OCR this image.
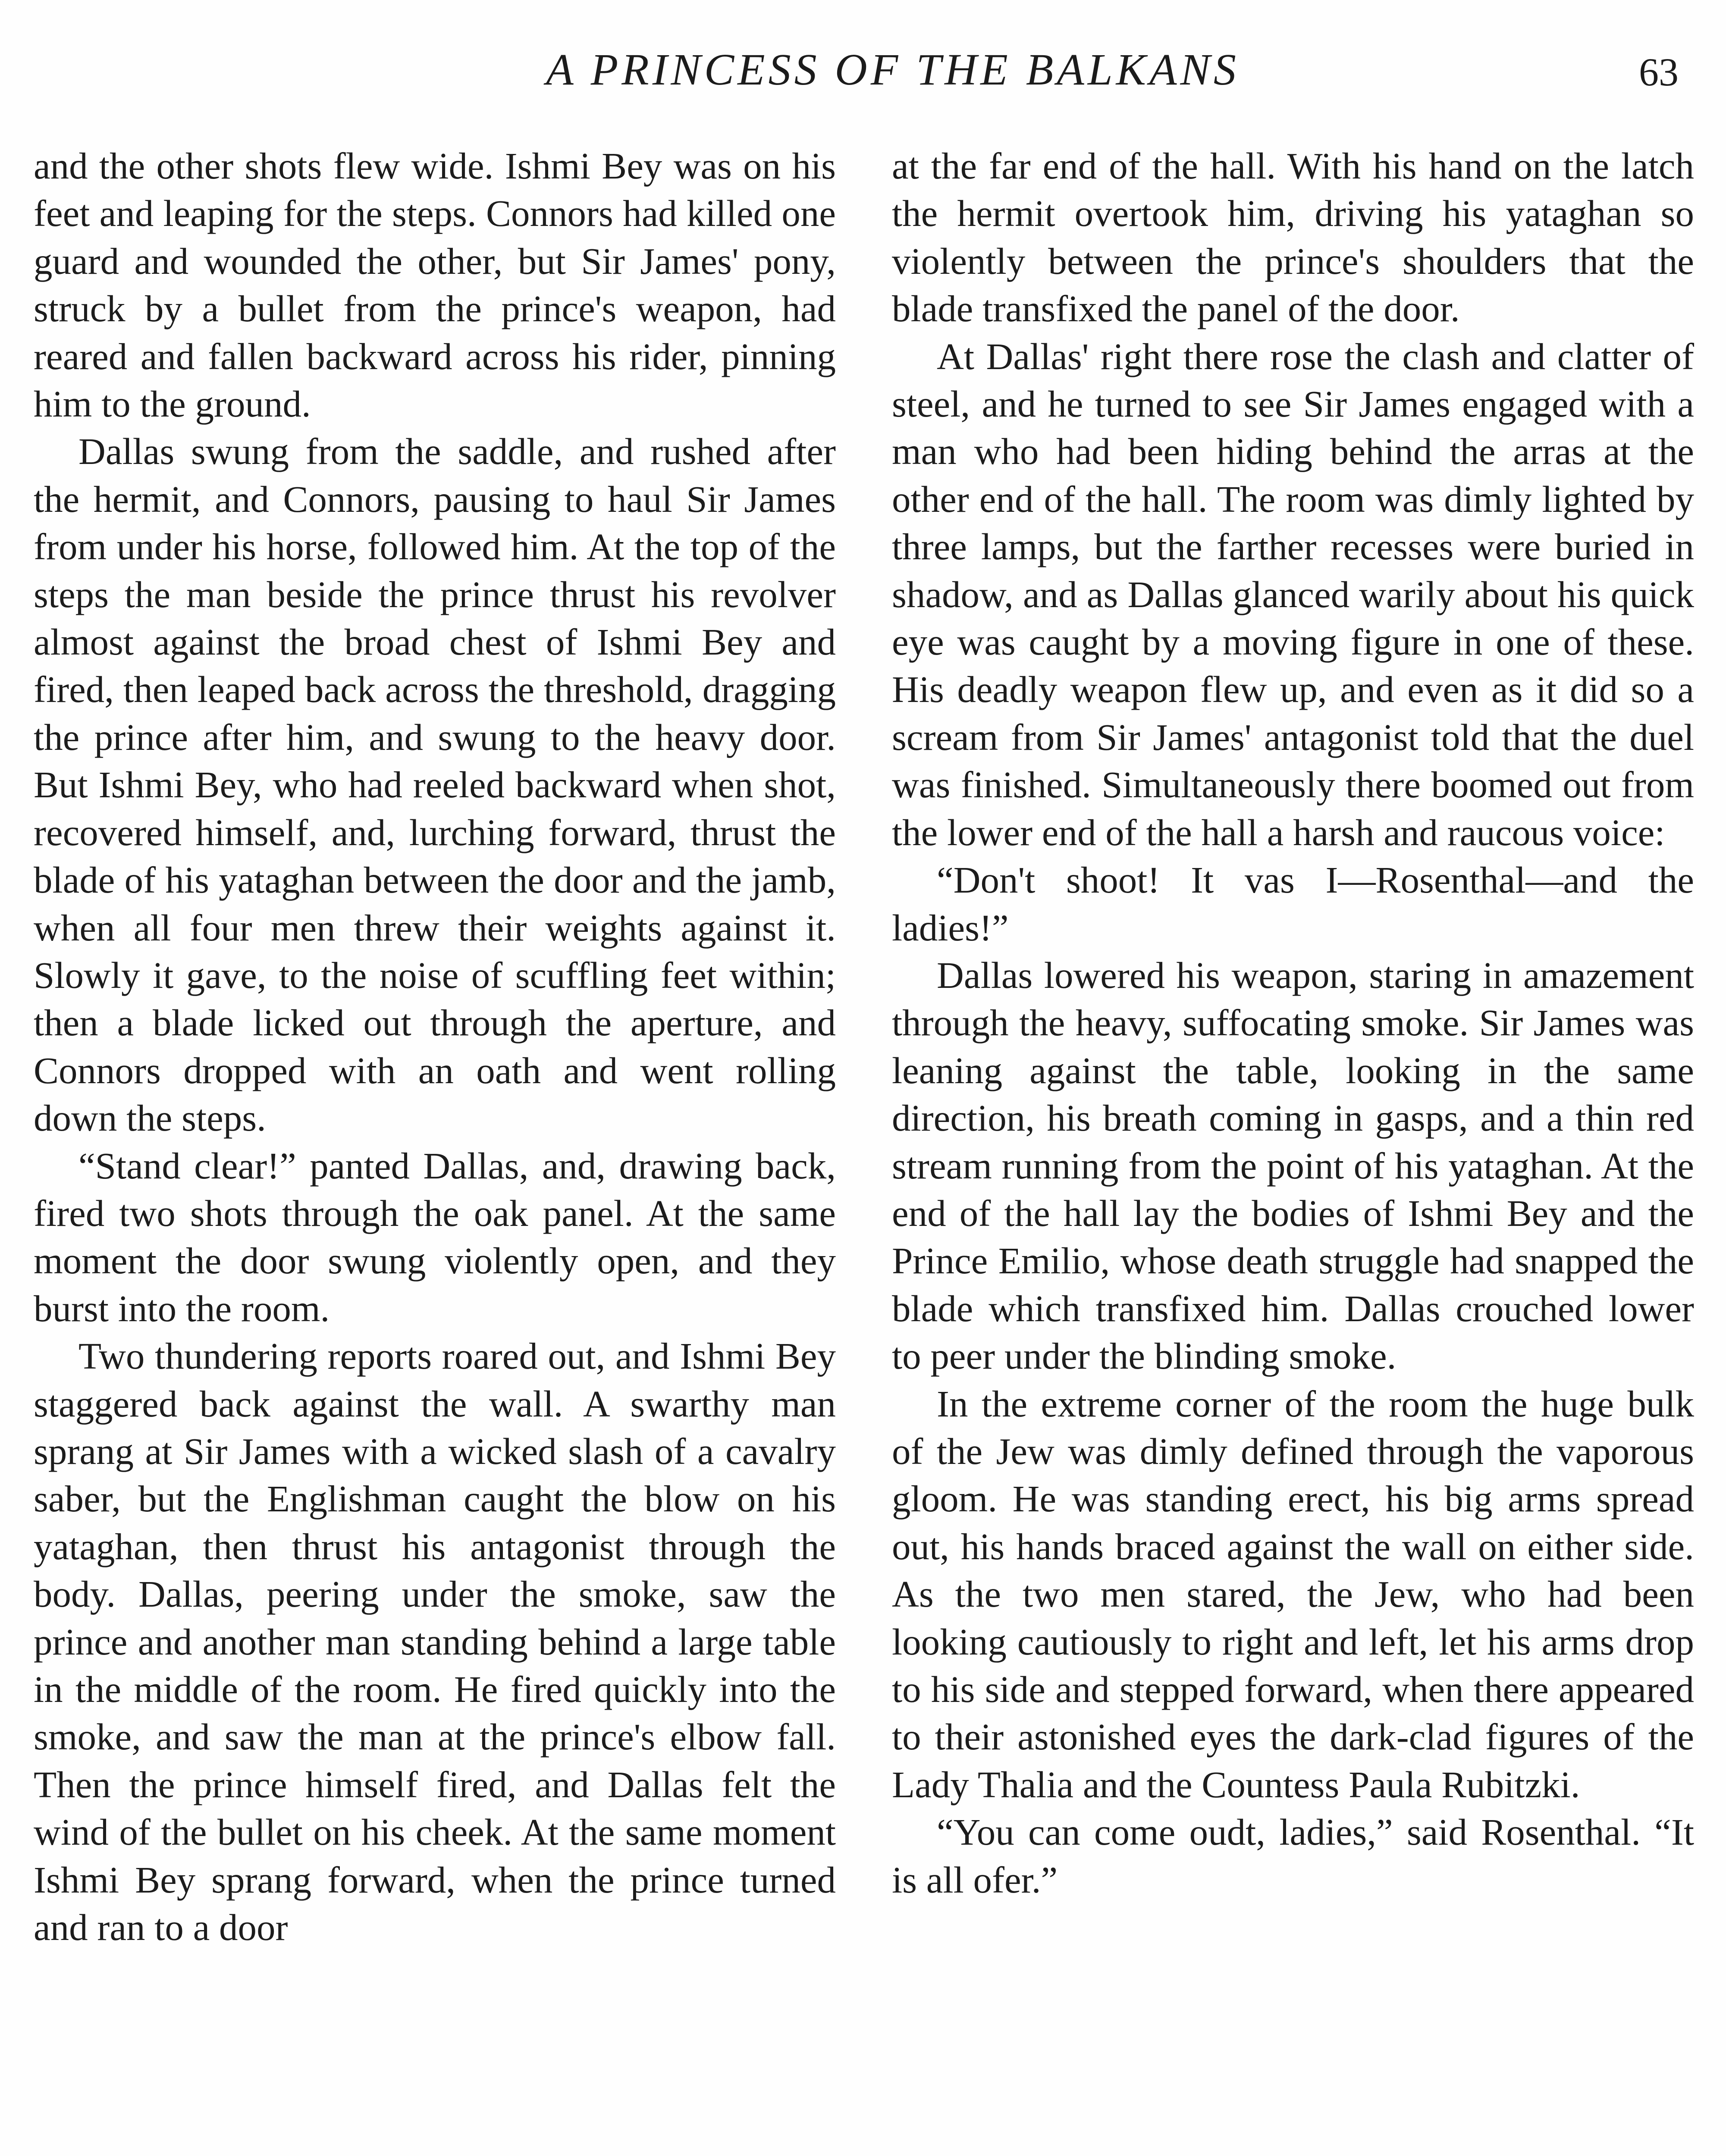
A PRINCESS OF THE BALKANS	63

and the other shots flew wide. Ishmi Bey was on his feet and leaping for the steps. Connors had killed one guard and wounded the other, but Sir James' pony, struck by a bullet from the prince's weapon, had reared and fallen backward across his rider, pinning him to the ground.

Dallas swung from the saddle, and rushed after the hermit, and Connors, pausing to haul Sir James from under his horse, followed him. At the top of the steps the man beside the prince thrust his revolver almost against the broad chest of Ishmi Bey and fired, then leaped back across the threshold, dragging the prince after him, and swung to the heavy door. But Ishmi Bey, who had reeled backward when shot, recovered himself, and, lurching forward, thrust the blade of his yataghan between the door and the jamb, when all four men threw their weights against it. Slowly it gave, to the noise of scuffling feet within; then a blade licked out through the aperture, and Connors dropped with an oath and went rolling down the steps.

“Stand clear!” panted Dallas, and, drawing back, fired two shots through the oak panel. At the same moment the door swung violently open, and they burst into the room.

Two thundering reports roared out, and Ishmi Bey staggered back against the wall. A swarthy man sprang at Sir James with a wicked slash of a cavalry saber, but the Englishman caught the blow on his yataghan, then thrust his antagonist through the body. Dallas, peering under the smoke, saw the prince and another man standing behind a large table in the middle of the room. He fired quickly into the smoke, and saw the man at the prince's elbow fall. Then the prince himself fired, and Dallas felt the wind of the bullet on his cheek. At the same moment Ishmi Bey sprang forward, when the prince turned and ran to a door

at the far end of the hall. With his hand on the latch the hermit overtook him, driving his yataghan so violently between the prince's shoulders that the blade transfixed the panel of the door.

At Dallas' right there rose the clash and clatter of steel, and he turned to see Sir James engaged with a man who had been hiding behind the arras at the other end of the hall. The room was dimly lighted by three lamps, but the farther recesses were buried in shadow, and as Dallas glanced warily about his quick eye was caught by a moving figure in one of these. His deadly weapon flew up, and even as it did so a scream from Sir James' antagonist told that the duel was finished. Simultaneously there boomed out from the lower end of the hall a harsh and raucous voice:

“Don't shoot! It vas I—Rosenthal—and the ladies!”

Dallas lowered his weapon, staring in amazement through the heavy, suffocating smoke. Sir James was leaning against the table, looking in the same direction, his breath coming in gasps, and a thin red stream running from the point of his yataghan. At the end of the hall lay the bodies of Ishmi Bey and the Prince Emilio, whose death struggle had snapped the blade which transfixed him. Dallas crouched lower to peer under the blinding smoke.

In the extreme corner of the room the huge bulk of the Jew was dimly defined through the vaporous gloom. He was standing erect, his big arms spread out, his hands braced against the wall on either side. As the two men stared, the Jew, who had been looking cautiously to right and left, let his arms drop to his side and stepped forward, when there appeared to their astonished eyes the dark-clad figures of the Lady Thalia and the Countess Paula Rubitzki.

“You can come oudt, ladies,” said Rosenthal. “It is all ofer.”
